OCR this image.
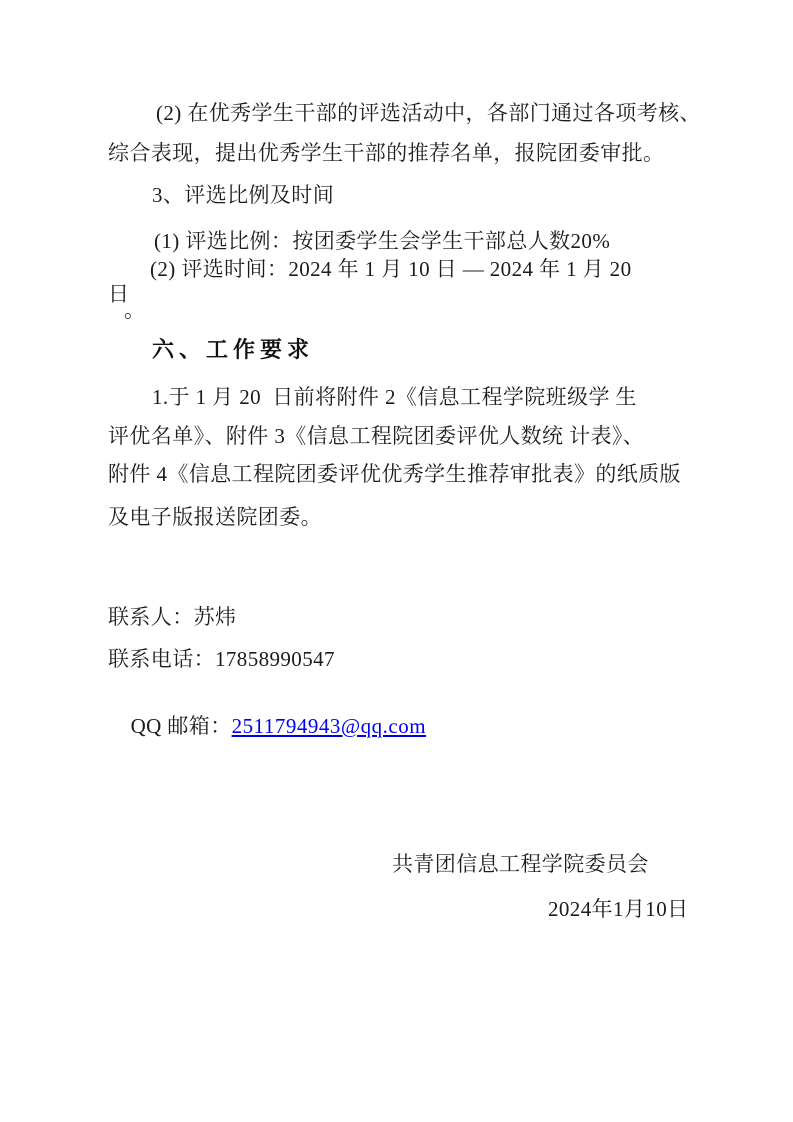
(2) 在优秀学生干部的评选活动中，各部门通过各项考核、
综合表现，提出优秀学生干部的推荐名单，报院团委审批。
3、评选比例及时间
(1) 评选比例：按团委学生会学生干部总人数20%
(2) 评选时间：2024 年 1 月 10 日 — 2024 年 1 月 20
日
。
六、工作要求
1.于 1 月 20  日前将附件 2《信息工程学院班级学 生
评优名单》、附件 3《信息工程院团委评优人数统 计表》、
附件 4《信息工程院团委评优优秀学生推荐审批表》的纸质版
及电子版报送院团委。
联系人：苏炜
联系电话：17858990547

QQ 邮箱：2511794943@qq.com

共青团信息工程学院委员会
2024年1月10日
